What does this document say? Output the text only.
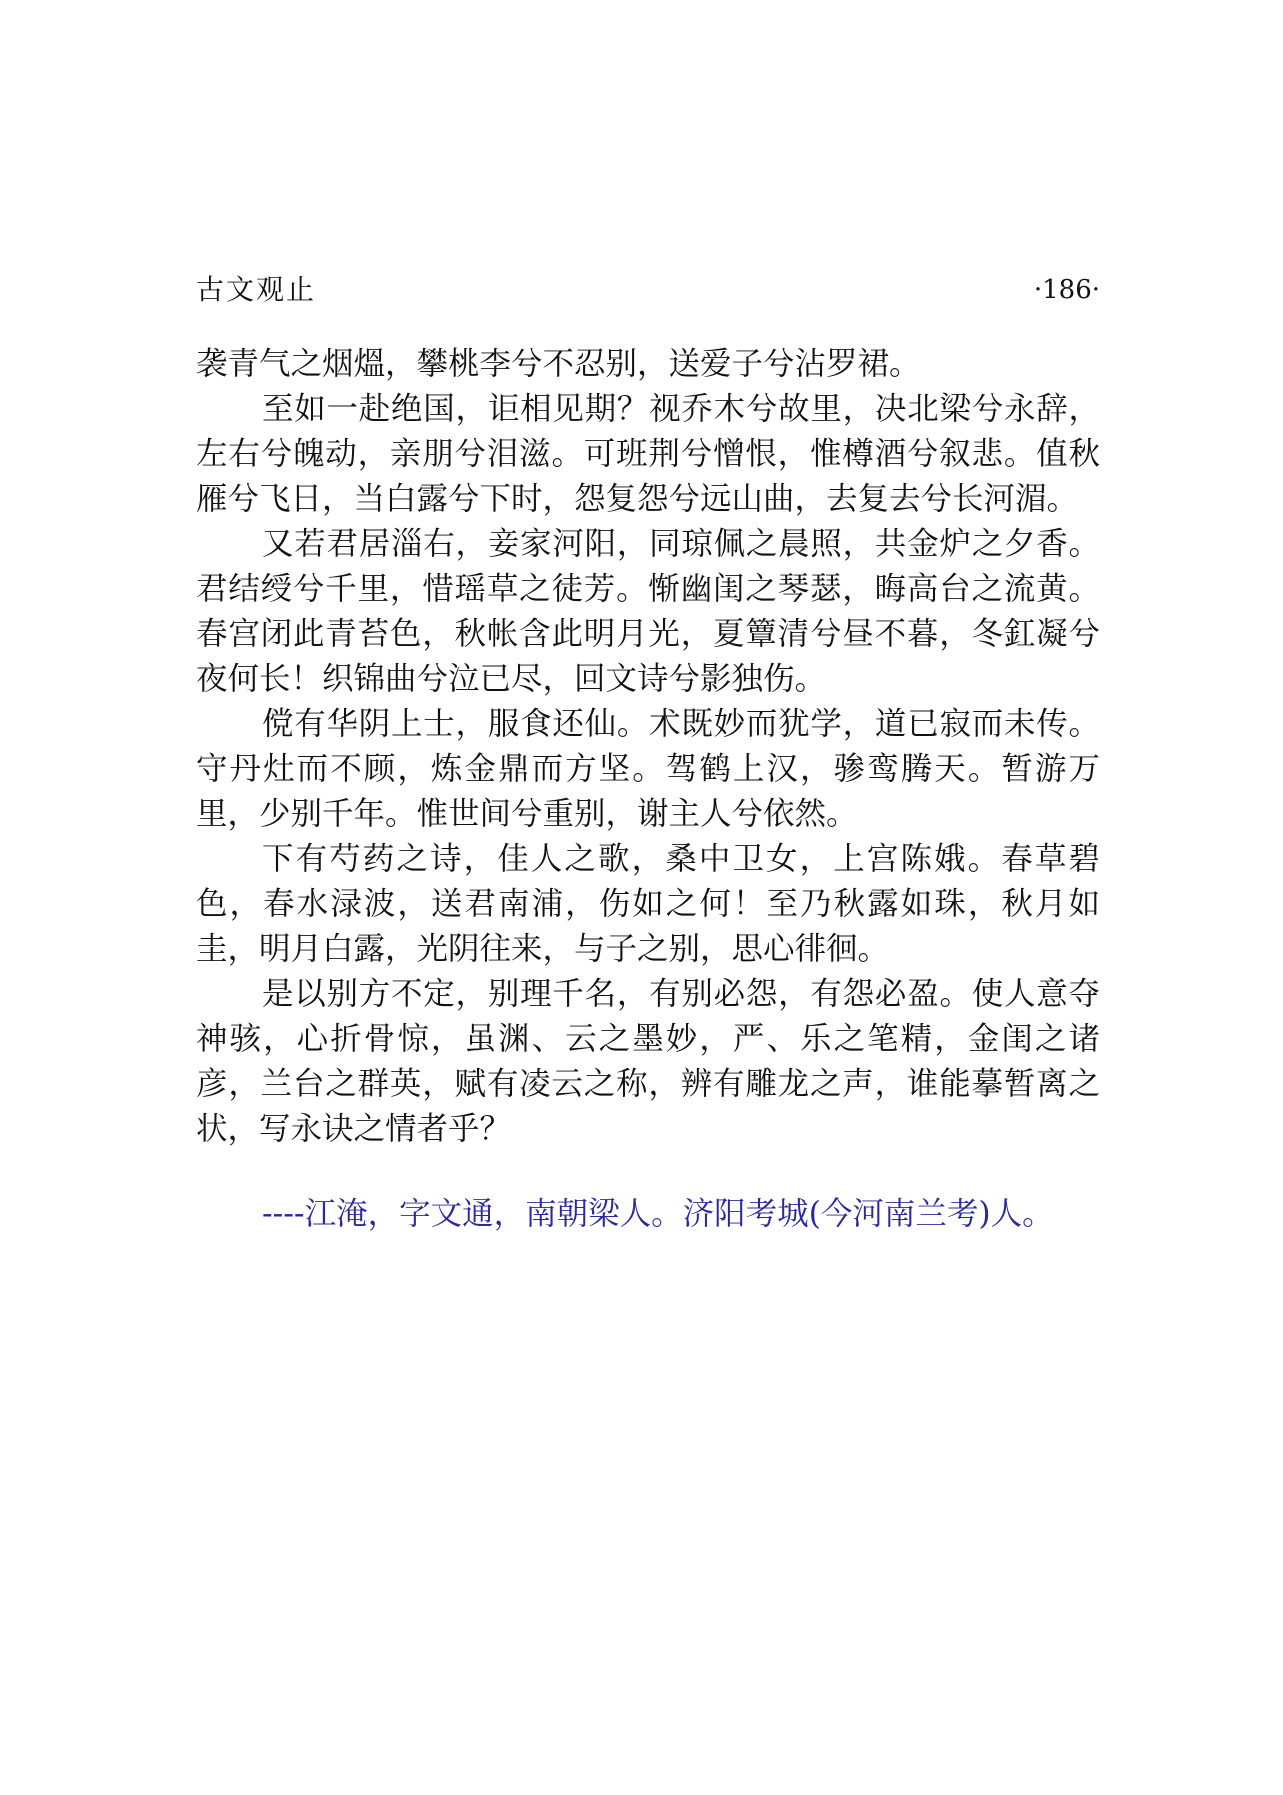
古文观止	·186·

袭青气之烟熅，攀桃李兮不忍别，送爱子兮沾罗裙。

至如一赴绝国，讵相见期？视乔木兮故里，决北梁兮永辞，左右兮魄动，亲朋兮泪滋。可班荆兮憎恨，惟樽酒兮叙悲。值秋雁兮飞日，当白露兮下时，怨复怨兮远山曲，去复去兮长河湄。

又若君居淄右，妾家河阳，同琼佩之晨照，共金炉之夕香。君结绶兮千里，惜瑶草之徒芳。惭幽闺之琴瑟，晦高台之流黄。春宫闭此青苔色，秋帐含此明月光，夏簟清兮昼不暮，冬釭凝兮夜何长！织锦曲兮泣已尽，回文诗兮影独伤。

傥有华阴上士，服食还仙。术既妙而犹学，道已寂而未传。守丹灶而不顾，炼金鼎而方坚。驾鹤上汉，骖鸾腾天。暂游万里，少别千年。惟世间兮重别，谢主人兮依然。

下有芍药之诗，佳人之歌，桑中卫女，上宫陈娥。春草碧色，春水渌波，送君南浦，伤如之何！至乃秋露如珠，秋月如圭，明月白露，光阴往来，与子之别，思心徘徊。

是以别方不定，别理千名，有别必怨，有怨必盈。使人意夺神骇，心折骨惊，虽渊、云之墨妙，严、乐之笔精，金闺之诸彦，兰台之群英，赋有凌云之称，辨有雕龙之声，谁能摹暂离之状，写永诀之情者乎？

----江淹，字文通，南朝梁人。济阳考城(今河南兰考)人。
